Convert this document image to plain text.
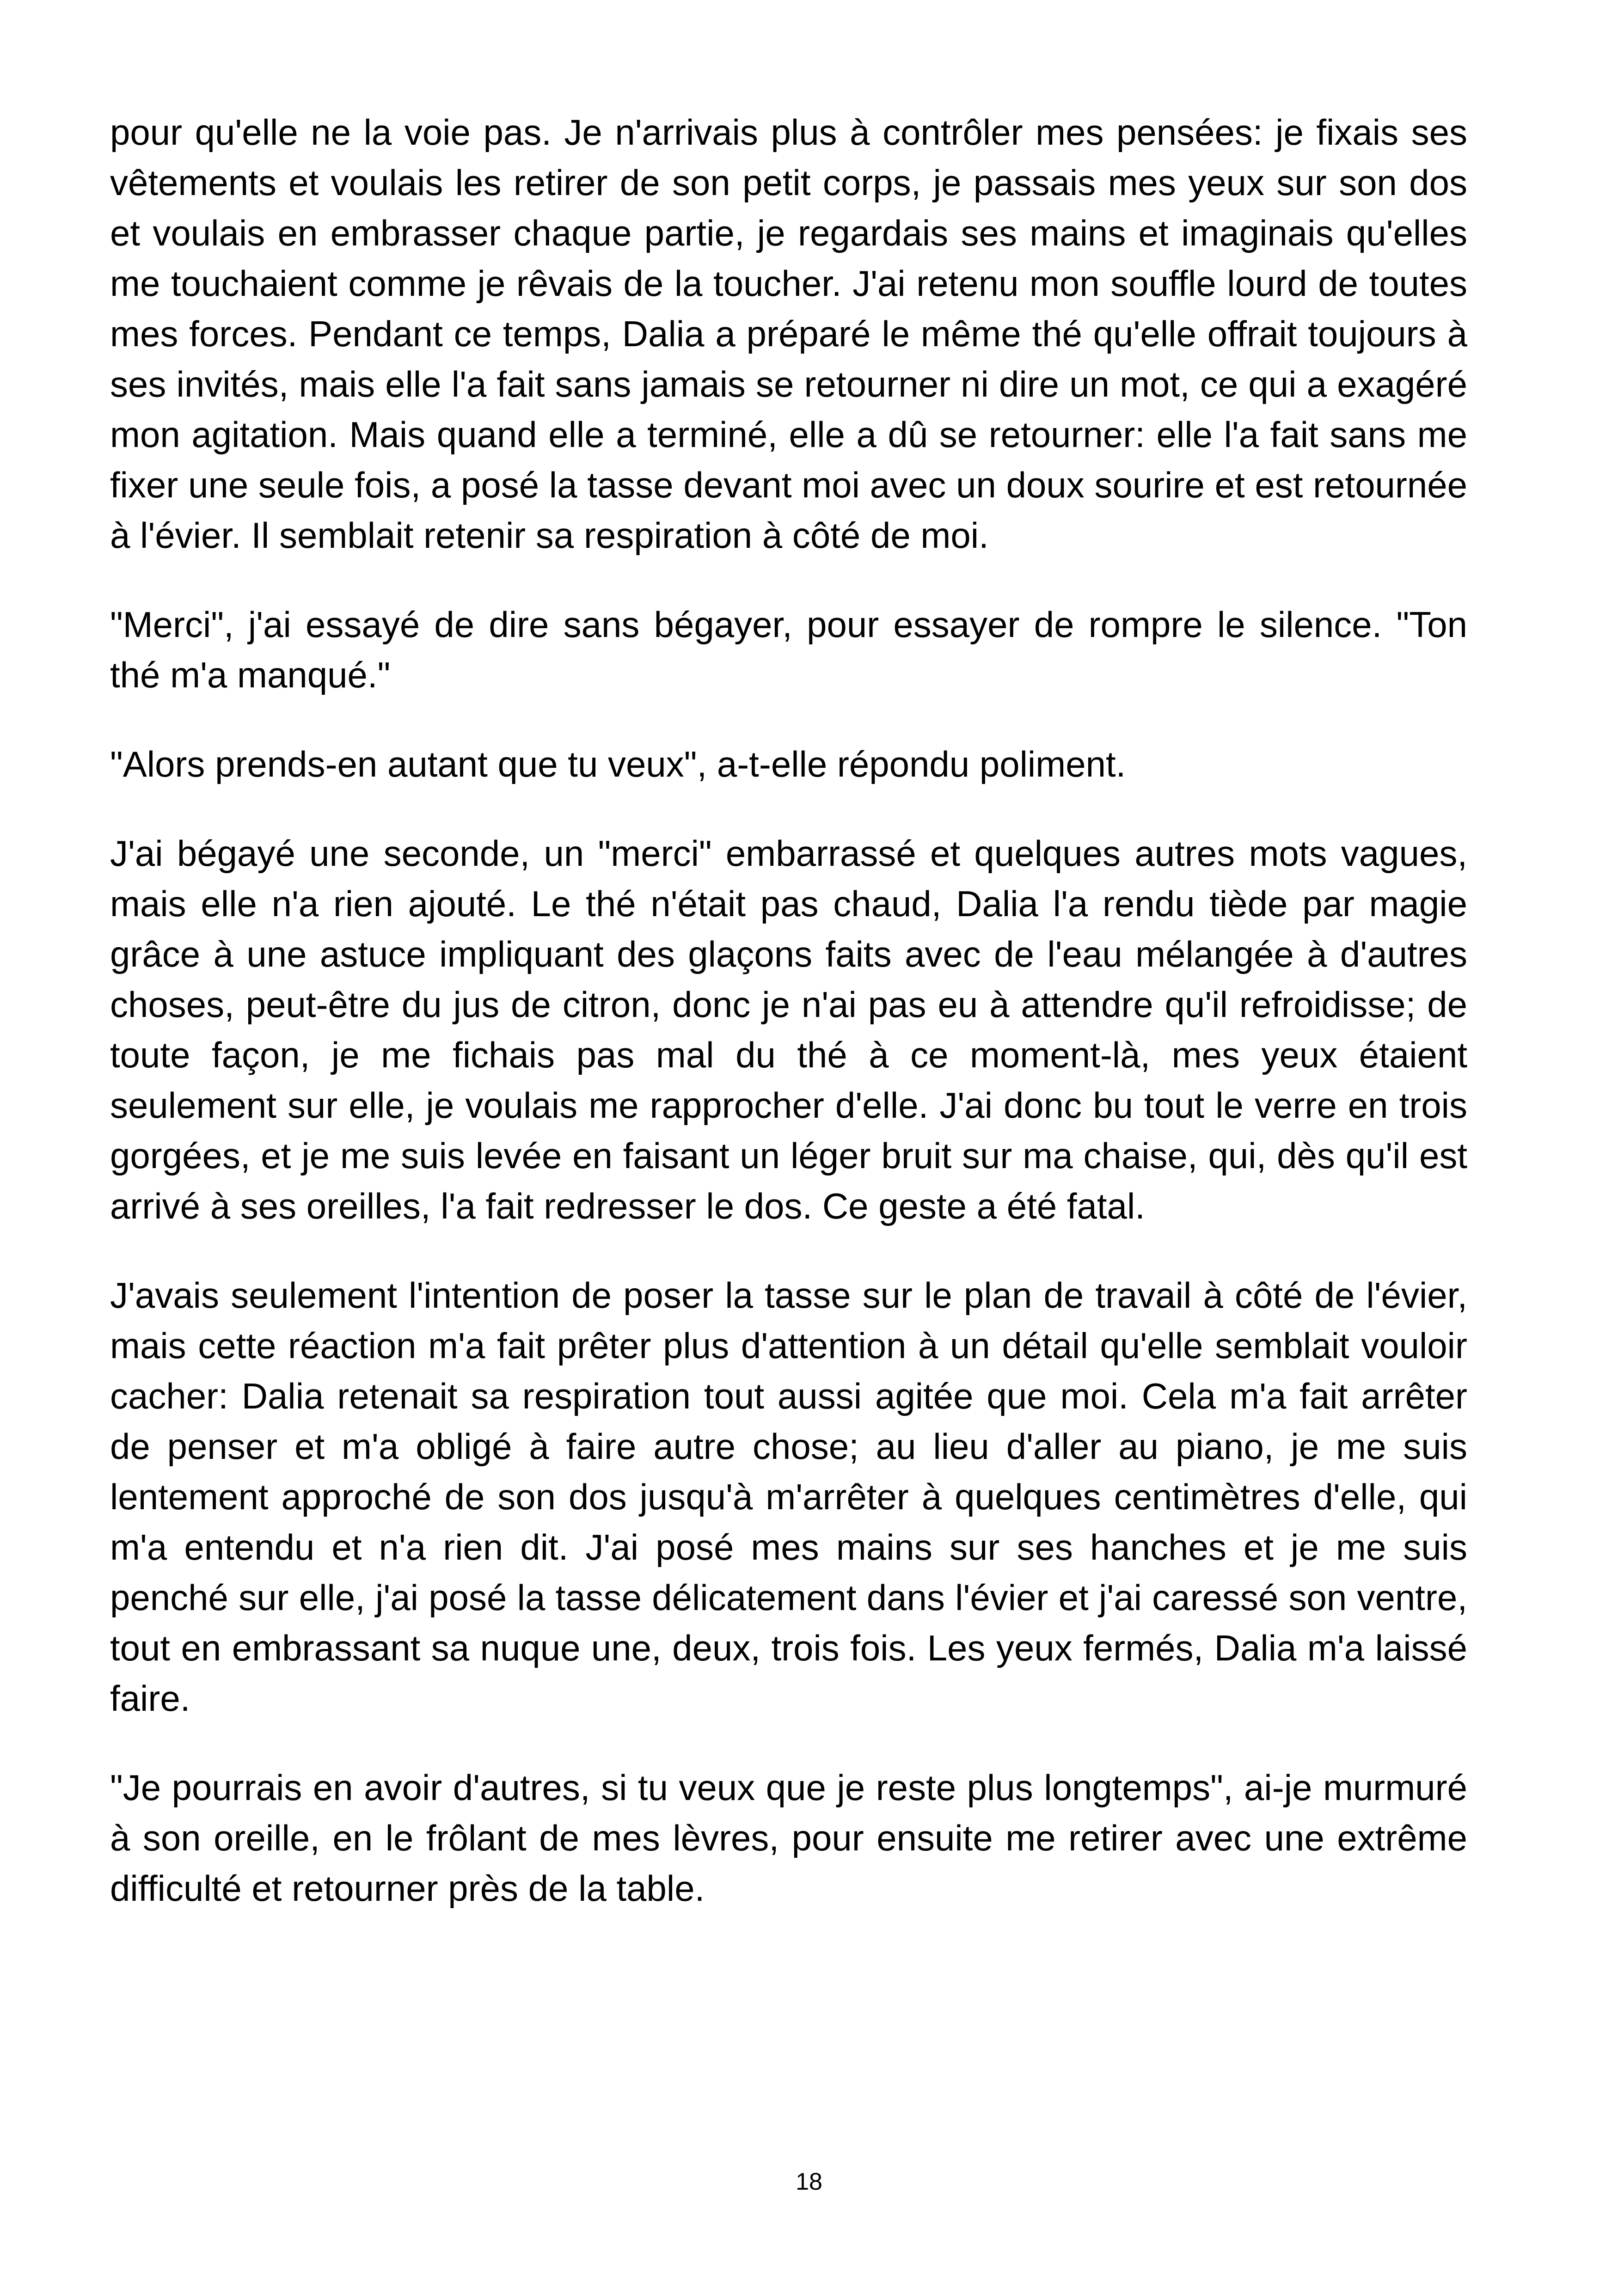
pour qu'elle ne la voie pas. Je n'arrivais plus à contrôler mes pensées: je fixais ses vêtements et voulais les retirer de son petit corps, je passais mes yeux sur son dos et voulais en embrasser chaque partie, je regardais ses mains et imaginais qu'elles me touchaient comme je rêvais de la toucher. J'ai retenu mon souffle lourd de toutes mes forces. Pendant ce temps, Dalia a préparé le même thé qu'elle offrait toujours à ses invités, mais elle l'a fait sans jamais se retourner ni dire un mot, ce qui a exagéré mon agitation. Mais quand elle a terminé, elle a dû se retourner: elle l'a fait sans me fixer une seule fois, a posé la tasse devant moi avec un doux sourire et est retournée à l'évier. Il semblait retenir sa respiration à côté de moi.

"Merci", j'ai essayé de dire sans bégayer, pour essayer de rompre le silence. "Ton thé m'a manqué."

"Alors prends-en autant que tu veux", a-t-elle répondu poliment.

J'ai bégayé une seconde, un "merci" embarrassé et quelques autres mots vagues, mais elle n'a rien ajouté. Le thé n'était pas chaud, Dalia l'a rendu tiède par magie grâce à une astuce impliquant des glaçons faits avec de l'eau mélangée à d'autres choses, peut-être du jus de citron, donc je n'ai pas eu à attendre qu'il refroidisse; de toute façon, je me fichais pas mal du thé à ce moment-là, mes yeux étaient seulement sur elle, je voulais me rapprocher d'elle. J'ai donc bu tout le verre en trois gorgées, et je me suis levée en faisant un léger bruit sur ma chaise, qui, dès qu'il est arrivé à ses oreilles, l'a fait redresser le dos. Ce geste a été fatal.

J'avais seulement l'intention de poser la tasse sur le plan de travail à côté de l'évier, mais cette réaction m'a fait prêter plus d'attention à un détail qu'elle semblait vouloir cacher: Dalia retenait sa respiration tout aussi agitée que moi. Cela m'a fait arrêter de penser et m'a obligé à faire autre chose; au lieu d'aller au piano, je me suis lentement approché de son dos jusqu'à m'arrêter à quelques centimètres d'elle, qui m'a entendu et n'a rien dit. J'ai posé mes mains sur ses hanches et je me suis penché sur elle, j'ai posé la tasse délicatement dans l'évier et j'ai caressé son ventre, tout en embrassant sa nuque une, deux, trois fois. Les yeux fermés, Dalia m'a laissé faire.

"Je pourrais en avoir d'autres, si tu veux que je reste plus longtemps", ai-je murmuré à son oreille, en le frôlant de mes lèvres, pour ensuite me retirer avec une extrême difficulté et retourner près de la table.

18
